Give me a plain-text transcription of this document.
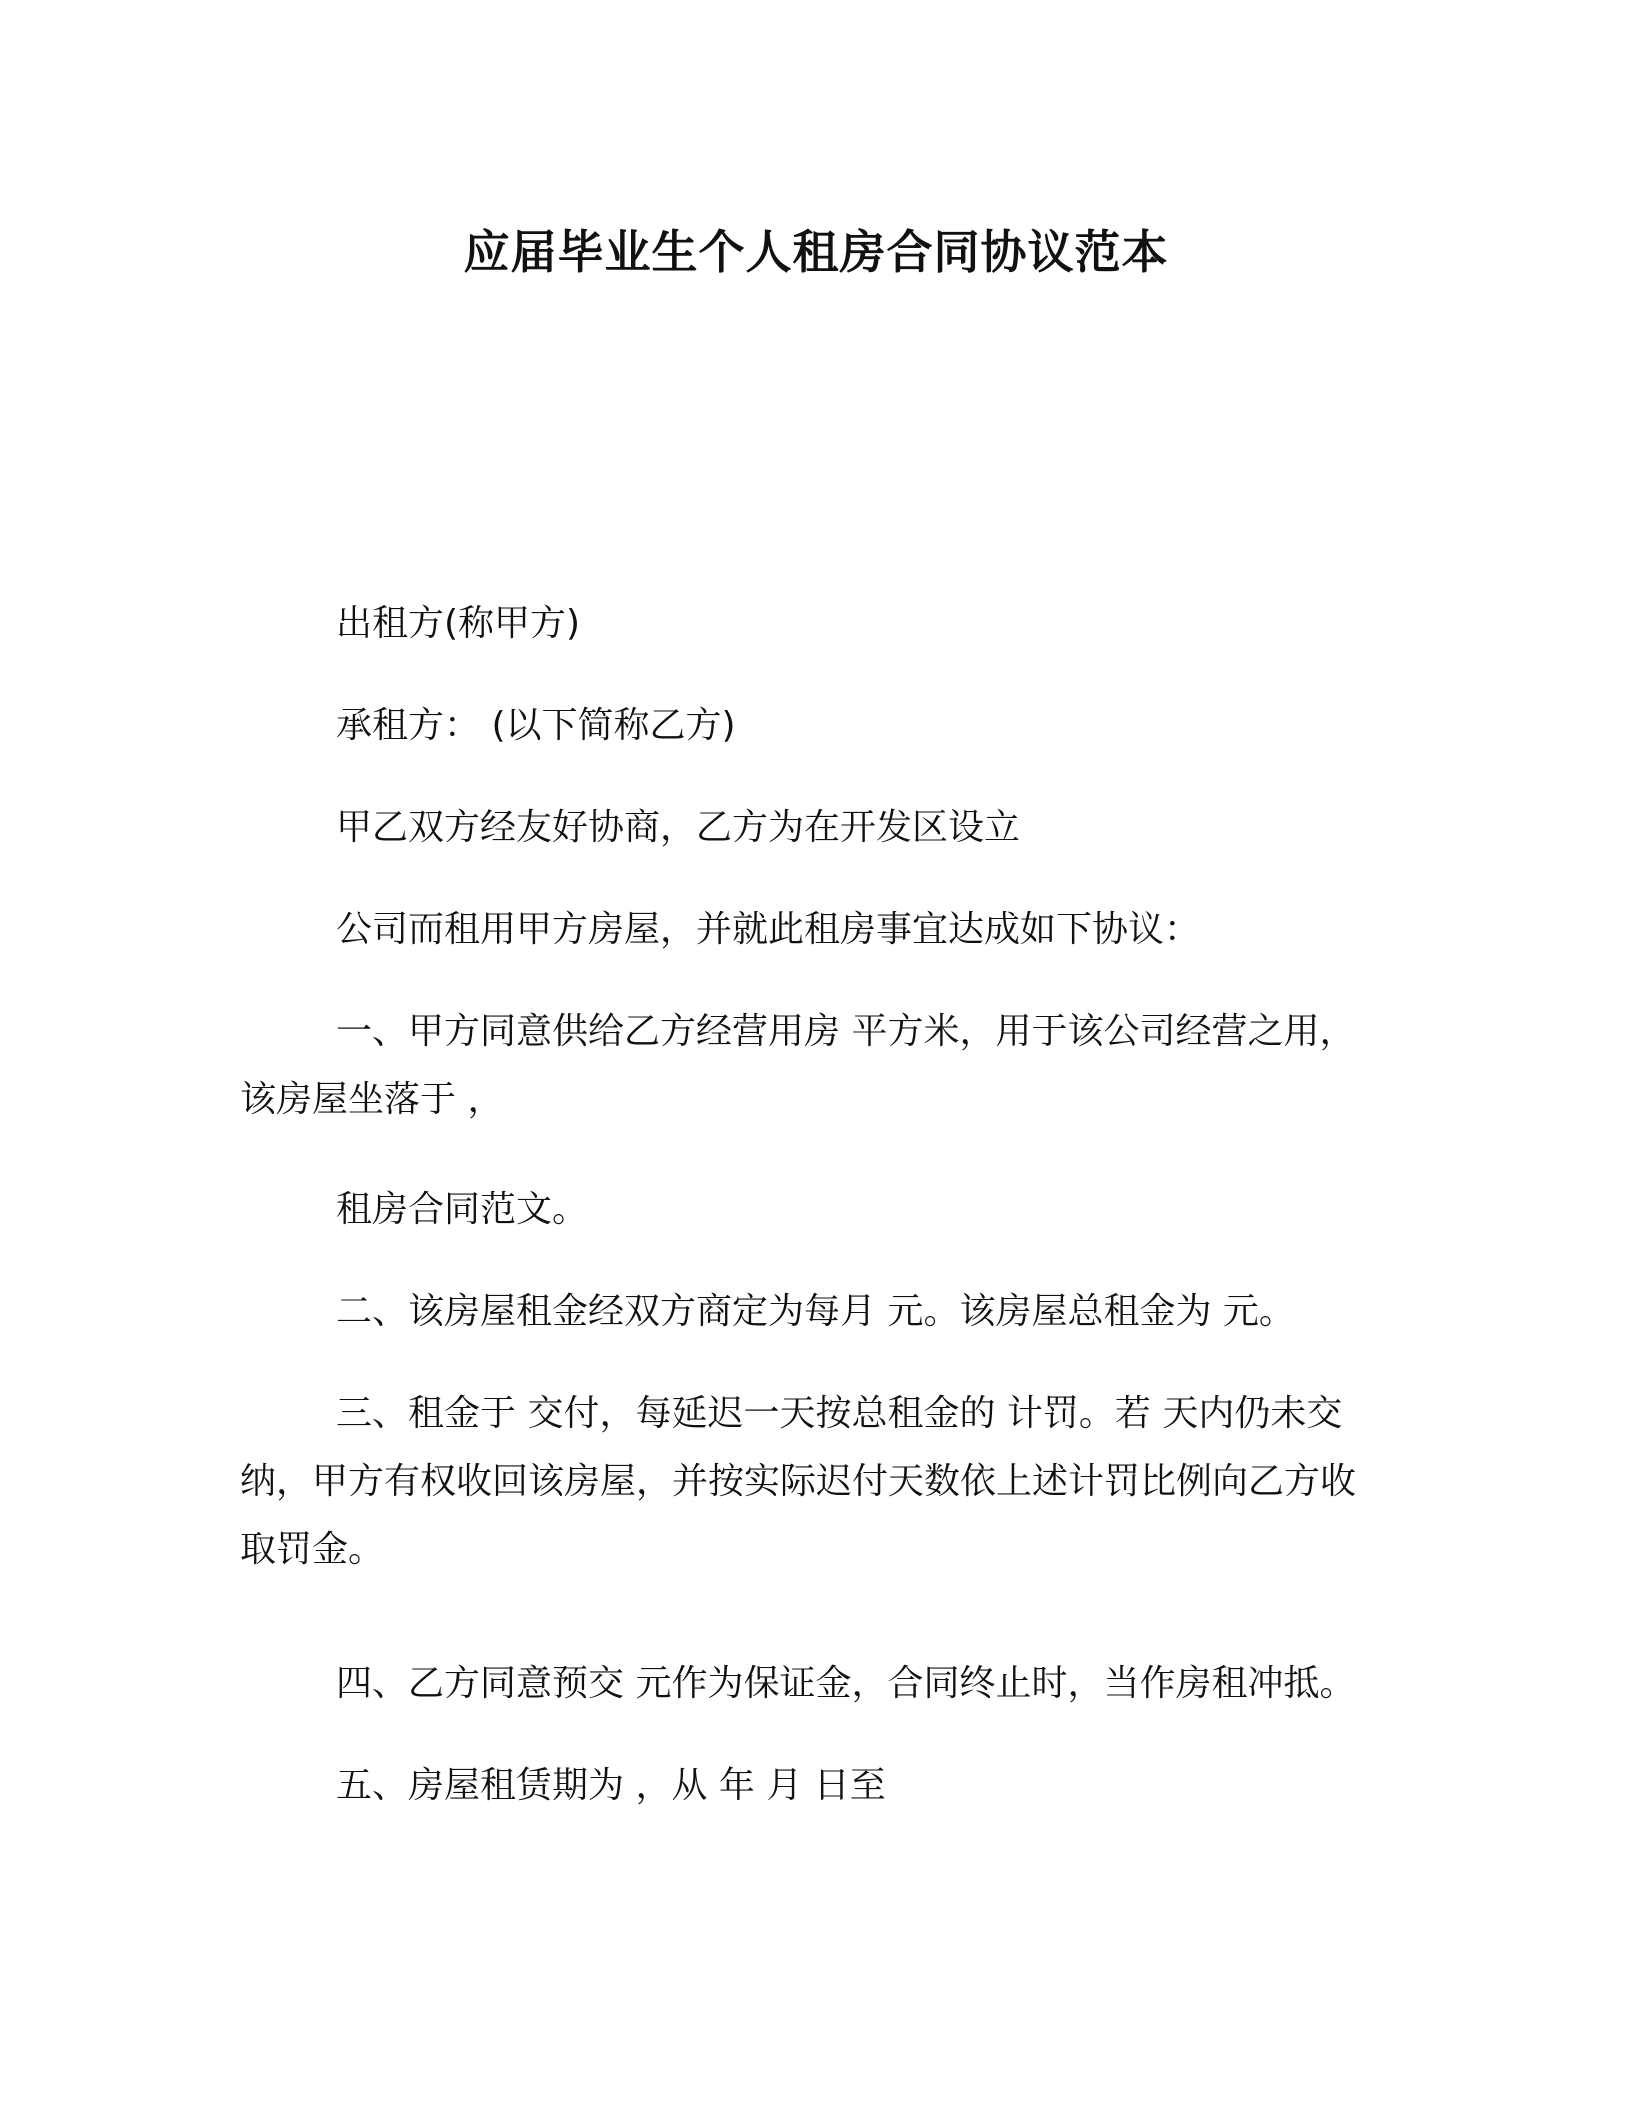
应届毕业生个人租房合同协议范本
出租方(称甲方)
承租方： (以下简称乙方)
甲乙双方经友好协商，乙方为在开发区设立
公司而租用甲方房屋，并就此租房事宜达成如下协议：
一、甲方同意供给乙方经营用房 平方米，用于该公司经营之用，该房屋坐落于 ，
租房合同范文。
二、该房屋租金经双方商定为每月 元。该房屋总租金为 元。
三、租金于 交付，每延迟一天按总租金的 计罚。若 天内仍未交纳，甲方有权收回该房屋，并按实际迟付天数依上述计罚比例向乙方收取罚金。
四、乙方同意预交 元作为保证金，合同终止时，当作房租冲抵。
五、房屋租赁期为 ，从 年 月 日至
